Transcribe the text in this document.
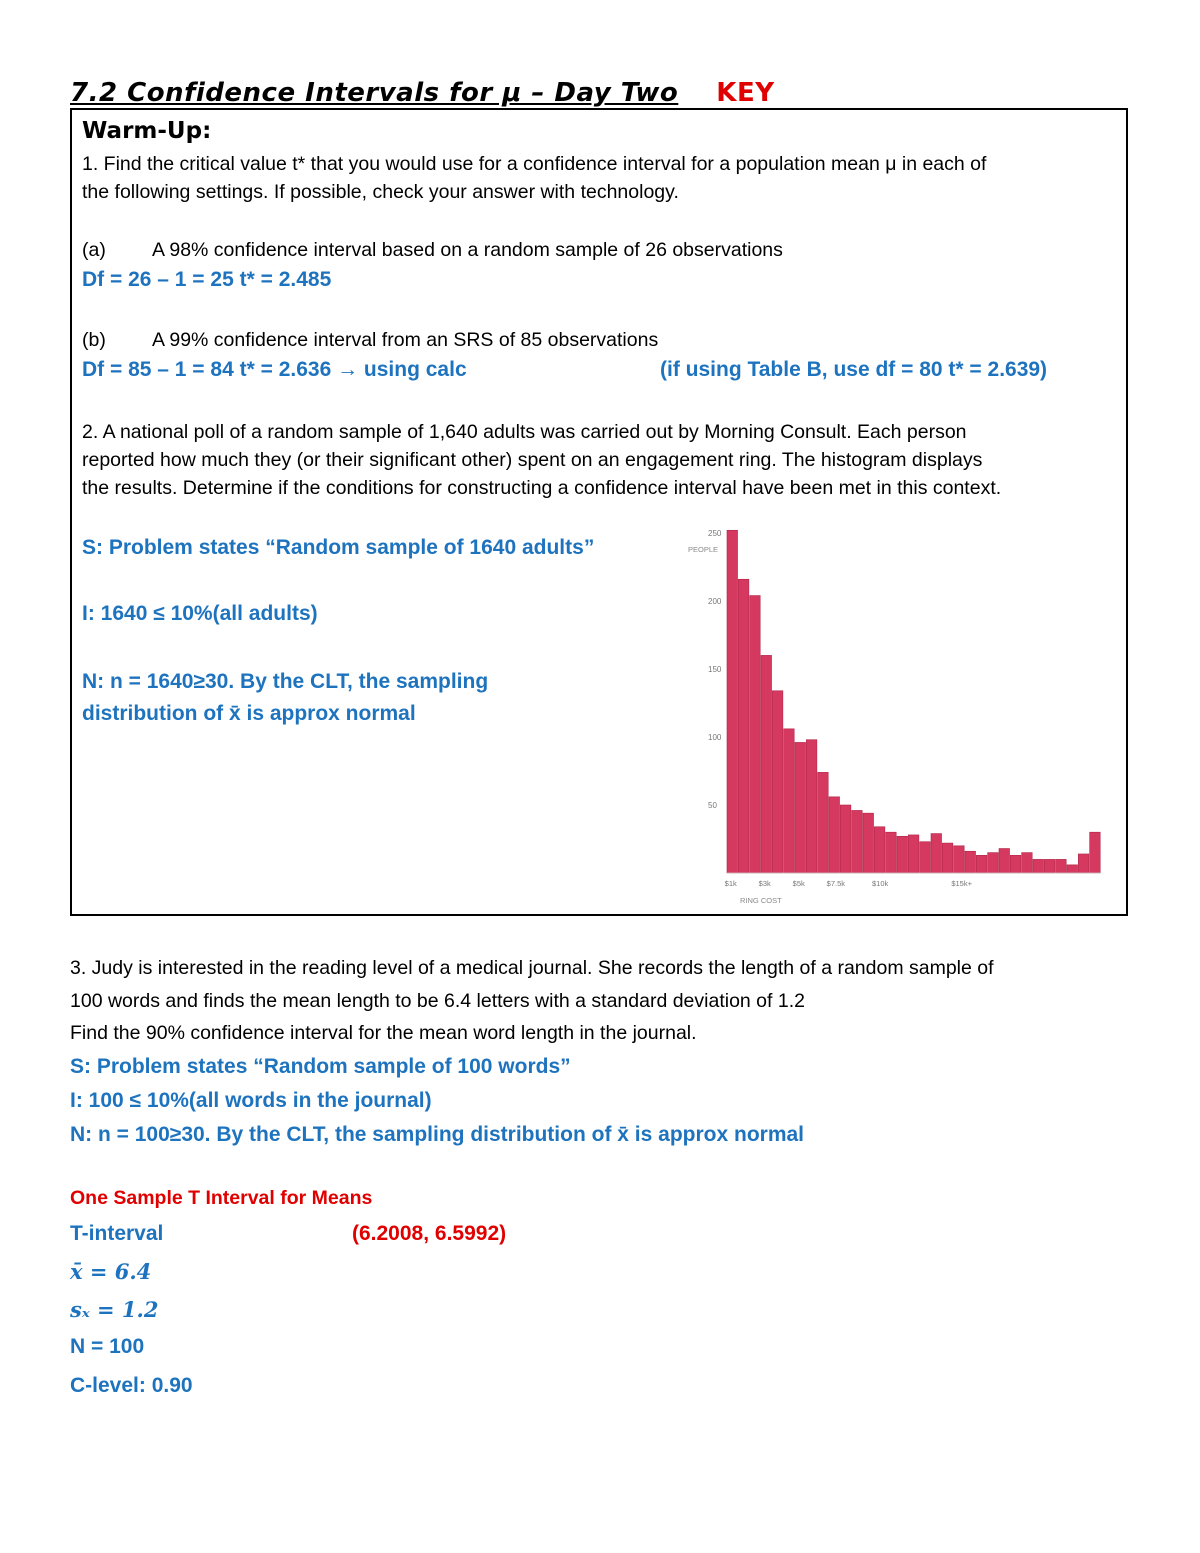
7.2 Confidence Intervals for μ – Day Two KEY
Warm-Up:
1. Find the critical value t* that you would use for a confidence interval for a population mean μ in each of
the following settings. If possible, check your answer with technology.
(a) A 98% confidence interval based on a random sample of 26 observations
Df = 26 – 1 = 25 t* = 2.485
(b) A 99% confidence interval from an SRS of 85 observations
Df = 85 – 1 = 84 t* = 2.636 → using calc	(if using Table B, use df = 80 t* = 2.639)
2. A national poll of a random sample of 1,640 adults was carried out by Morning Consult. Each person
reported how much they (or their significant other) spent on an engagement ring. The histogram displays
the results. Determine if the conditions for constructing a confidence interval have been met in this context.
S: Problem states “Random sample of 1640 adults”
I: 1640 ≤ 10%(all adults)
N: n = 1640≥30. By the CLT, the sampling
distribution of x̄ is approx normal
50
100
150
200
250
$1k	$3k	$5k	$7.5k	$10k	$15k+
PEOPLE
RING COST
3. Judy is interested in the reading level of a medical journal. She records the length of a random sample of
100 words and finds the mean length to be 6.4 letters with a standard deviation of 1.2
Find the 90% confidence interval for the mean word length in the journal.
S: Problem states “Random sample of 100 words”
I: 100 ≤ 10%(all words in the journal)
N: n = 100≥30. By the CLT, the sampling distribution of x̄ is approx normal
One Sample T Interval for Means
T-interval	(6.2008, 6.5992)
x̄ = 6.4
sₓ = 1.2
N = 100
C-level: 0.90
